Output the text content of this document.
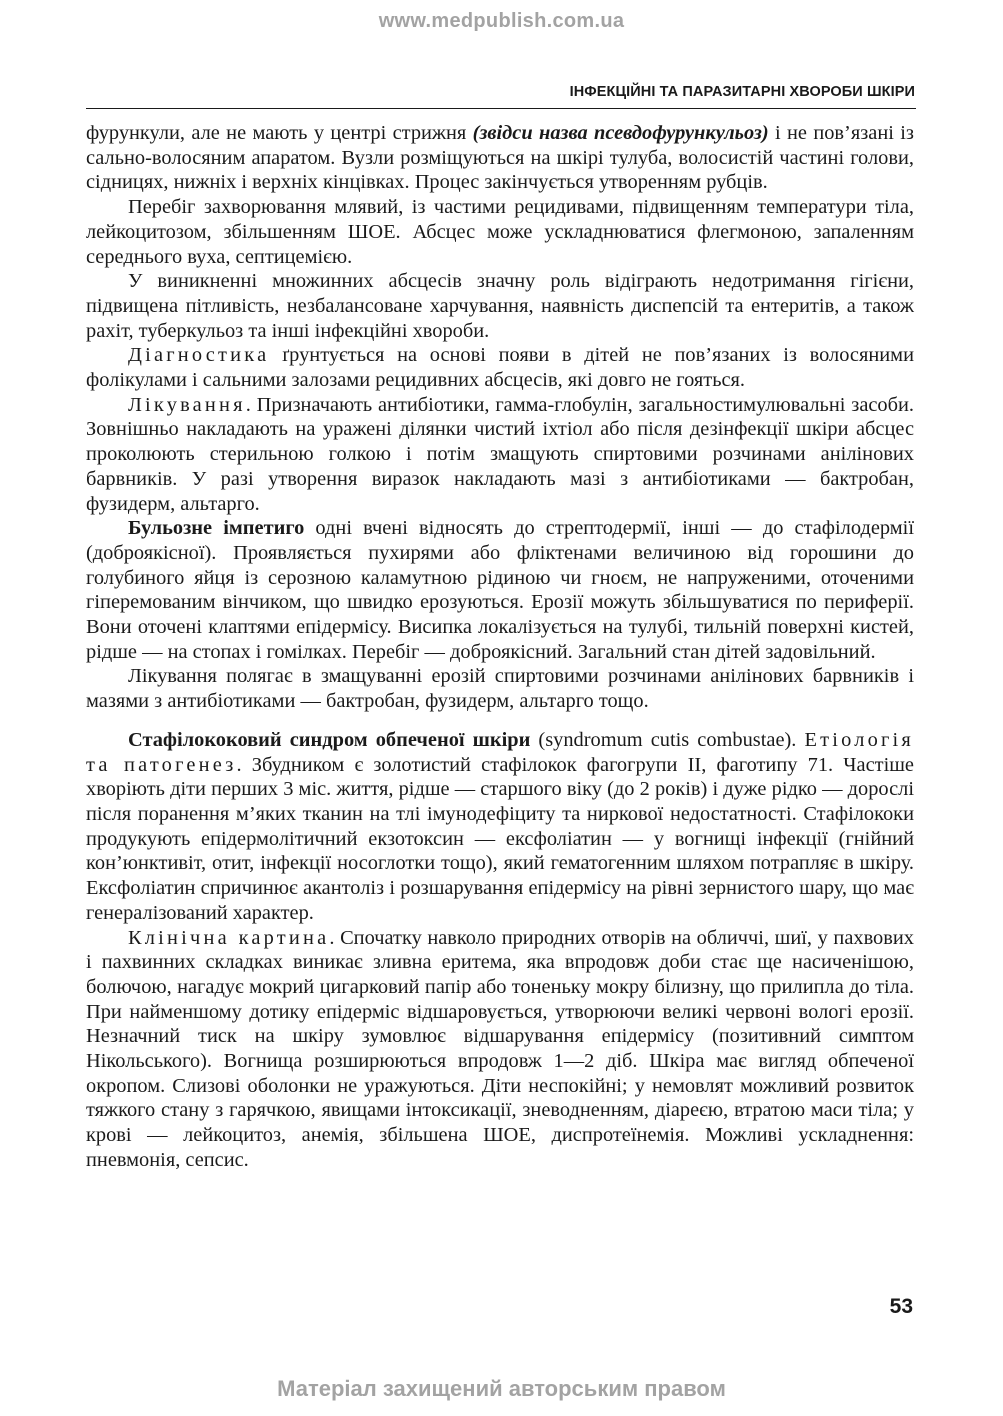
www.medpublish.com.ua
ІНФЕКЦІЙНІ ТА ПАРАЗИТАРНІ ХВОРОБИ ШКІРИ

фурункули, але не мають у центрі стрижня (звідси назва псевдофурункульоз) і не пов’язані із сально-волосяним апаратом. Вузли розміщуються на шкірі тулуба, волосистій частині голови, сідницях, нижніх і верхніх кінцівках. Процес закінчується утворенням рубців.

Перебіг захворювання млявий, із частими рецидивами, підвищенням температури тіла, лейкоцитозом, збільшенням ШОЕ. Абсцес може ускладнюватися флегмоною, запаленням середнього вуха, септицемією.

У виникненні множинних абсцесів значну роль відіграють недотримання гігієни, підвищена пітливість, незбалансоване харчування, наявність диспепсій та ентеритів, а також рахіт, туберкульоз та інші інфекційні хвороби.

Діагностика ґрунтується на основі появи в дітей не пов’язаних із волосяними фолікулами і сальними залозами рецидивних абсцесів, які довго не гояться.

Лікування. Призначають антибіотики, гамма-глобулін, загальностимулювальні засоби. Зовнішньо накладають на уражені ділянки чистий іхтіол або після дезінфекції шкіри абсцес проколюють стерильною голкою і потім змащують спиртовими розчинами анілінових барвників. У разі утворення виразок накладають мазі з антибіотиками — бактробан, фузидерм, альтарго.

Бульозне імпетиго одні вчені відносять до стрептодермії, інші — до стафілодермії (доброякісної). Проявляється пухирями або фліктенами величиною від горошини до голубиного яйця із серозною каламутною рідиною чи гноєм, не напруженими, оточеними гіперемованим вінчиком, що швидко ерозуються. Ерозії можуть збільшуватися по периферії. Вони оточені клаптями епідермісу. Висипка локалізується на тулубі, тильній поверхні кистей, рідше — на стопах і гомілках. Перебіг — доброякісний. Загальний стан дітей задовільний.

Лікування полягає в змащуванні ерозій спиртовими розчинами анілінових барвників і мазями з антибіотиками — бактробан, фузидерм, альтарго тощо.

Стафілококовий синдром обпеченої шкіри (syndromum cutis combustae). Етіологія та патогенез. Збудником є золотистий стафілокок фагогрупи II, фаготипу 71. Частіше хворіють діти перших 3 міс. життя, рідше — старшого віку (до 2 років) і дуже рідко — дорослі після поранення м’яких тканин на тлі імунодефіциту та ниркової недостатності. Стафілококи продукують епідермолітичний екзотоксин — ексфоліатин — у вогнищі інфекції (гнійний кон’юнктивіт, отит, інфекції носоглотки тощо), який гематогенним шляхом потрапляє в шкіру. Ексфоліатин спричинює акантоліз і розшарування епідермісу на рівні зернистого шару, що має генералізований характер.

Клінічна картина. Спочатку навколо природних отворів на обличчі, шиї, у пахвових і пахвинних складках виникає зливна еритема, яка впродовж доби стає ще насиченішою, болючою, нагадує мокрий цигарковий папір або тоненьку мокру білизну, що прилипла до тіла. При найменшому дотику епідерміс відшаровується, утворюючи великі червоні вологі ерозії. Незначний тиск на шкіру зумовлює відшарування епідермісу (позитивний симптом Нікольського). Вогнища розширюються впродовж 1—2 діб. Шкіра має вигляд обпеченої окропом. Слизові оболонки не уражуються. Діти неспокійні; у немовлят можливий розвиток тяжкого стану з гарячкою, явищами інтоксикації, зневодненням, діареєю, втратою маси тіла; у крові — лейкоцитоз, анемія, збільшена ШОЕ, диспротеїнемія. Можливі ускладнення: пневмонія, сепсис.

53
Матеріал захищений авторським правом
